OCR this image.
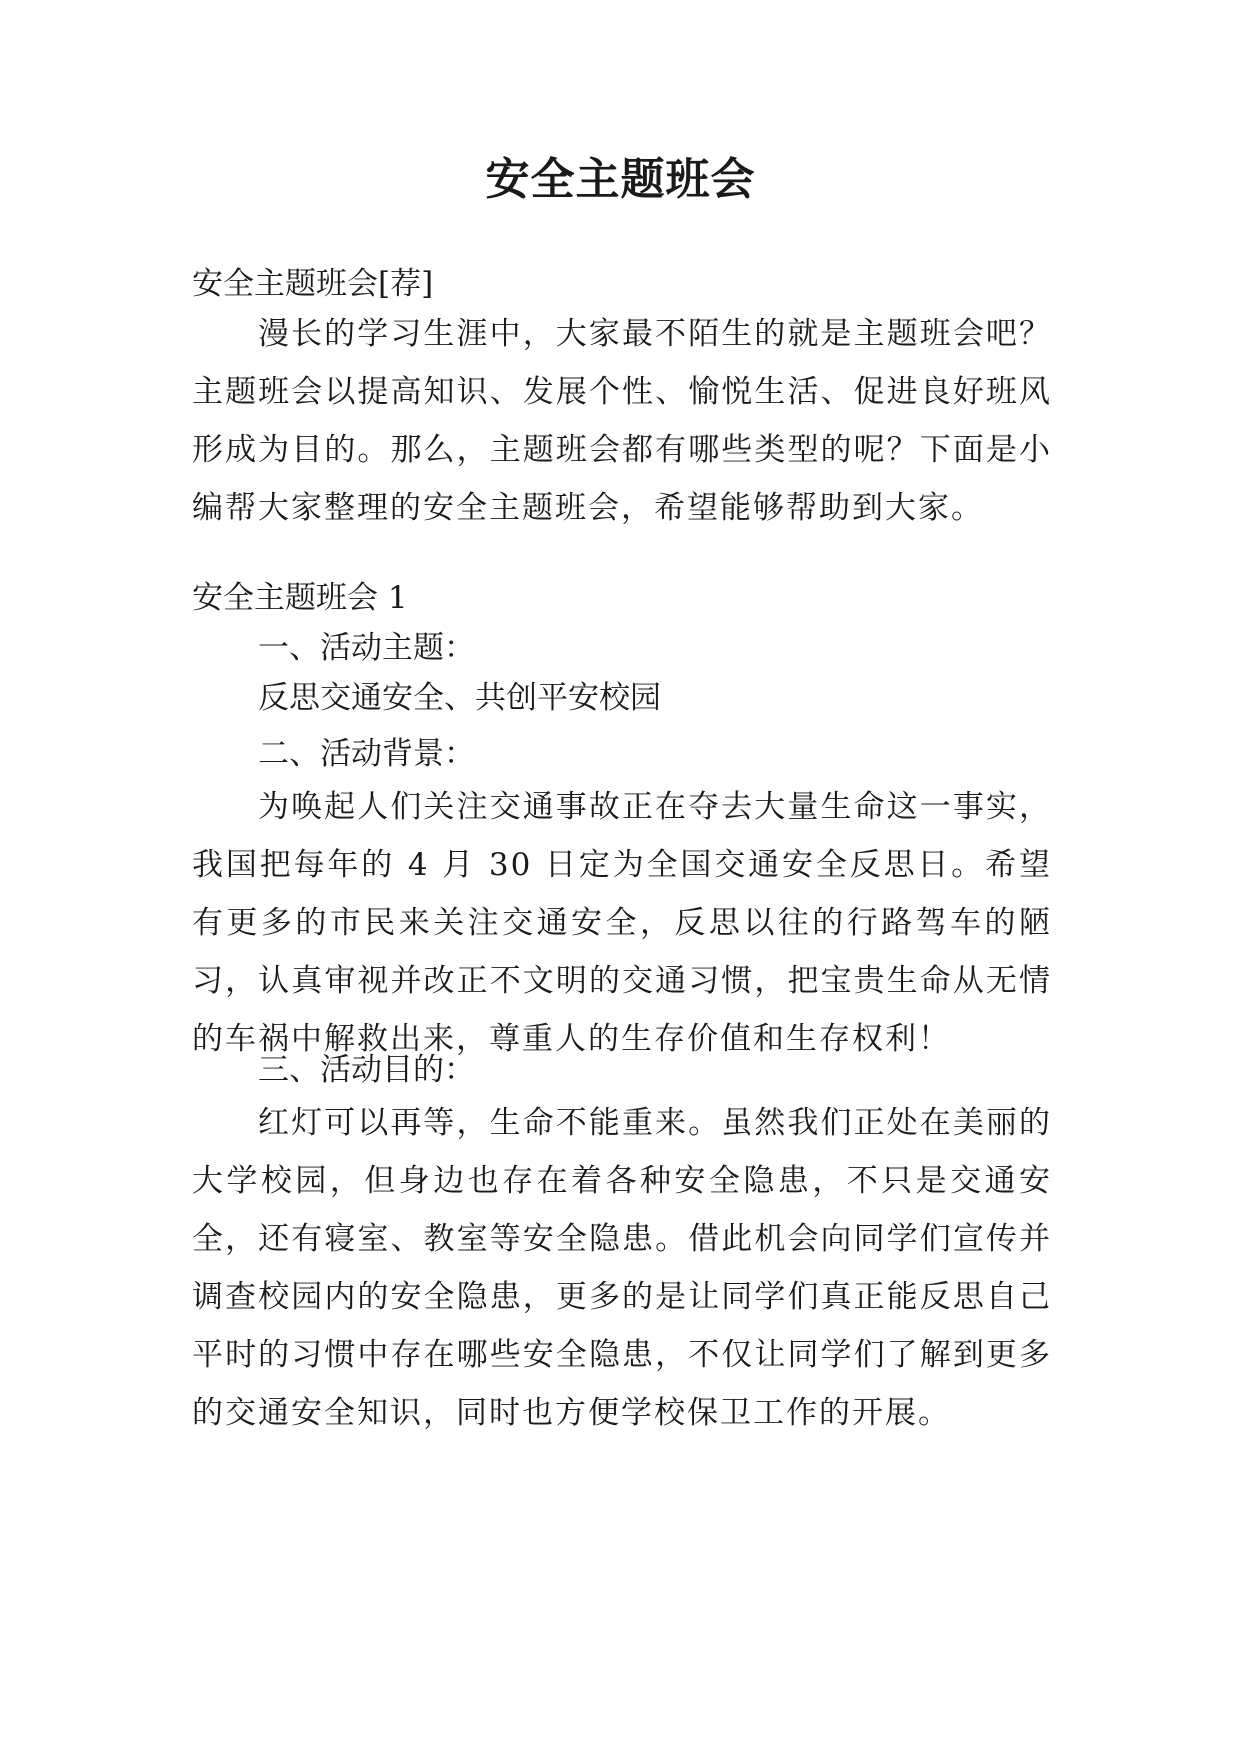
安全主题班会
安全主题班会[荐]
漫长的学习生涯中，大家最不陌生的就是主题班会吧？主题班会以提高知识、发展个性、愉悦生活、促进良好班风形成为目的。那么，主题班会都有哪些类型的呢？下面是小编帮大家整理的安全主题班会，希望能够帮助到大家。
安全主题班会 1
一、活动主题：
反思交通安全、共创平安校园
二、活动背景：
为唤起人们关注交通事故正在夺去大量生命这一事实，我国把每年的 4 月 30 日定为全国交通安全反思日。希望有更多的市民来关注交通安全，反思以往的行路驾车的陋习，认真审视并改正不文明的交通习惯，把宝贵生命从无情的车祸中解救出来，尊重人的生存价值和生存权利！
三、活动目的：
红灯可以再等，生命不能重来。虽然我们正处在美丽的大学校园，但身边也存在着各种安全隐患，不只是交通安全，还有寝室、教室等安全隐患。借此机会向同学们宣传并调查校园内的安全隐患，更多的是让同学们真正能反思自己平时的习惯中存在哪些安全隐患，不仅让同学们了解到更多的交通安全知识，同时也方便学校保卫工作的开展。
